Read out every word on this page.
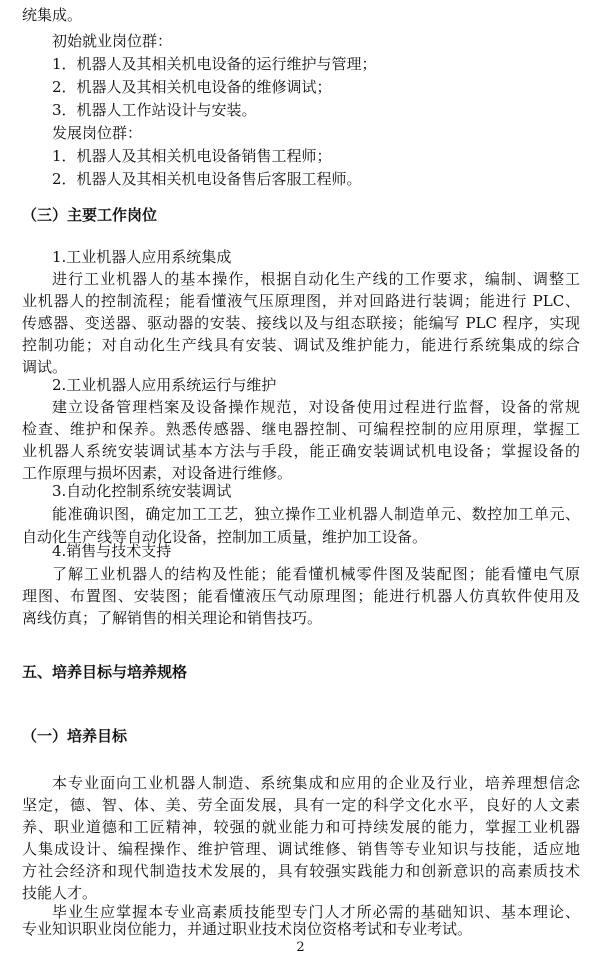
统集成。
初始就业岗位群：
1．机器人及其相关机电设备的运行维护与管理；
2．机器人及其相关机电设备的维修调试；
3．机器人工作站设计与安装。
发展岗位群：
1．机器人及其相关机电设备销售工程师；
2．机器人及其相关机电设备售后客服工程师。
（三）主要工作岗位
1.工业机器人应用系统集成
进行工业机器人的基本操作，根据自动化生产线的工作要求，编制、调整工
业机器人的控制流程；能看懂液气压原理图，并对回路进行装调；能进行 PLC、
传感器、变送器、驱动器的安装、接线以及与组态联接；能编写 PLC 程序，实现
控制功能；对自动化生产线具有安装、调试及维护能力，能进行系统集成的综合
调试。
2.工业机器人应用系统运行与维护
建立设备管理档案及设备操作规范，对设备使用过程进行监督，设备的常规
检查、维护和保养。熟悉传感器、继电器控制、可编程控制的应用原理，掌握工
业机器人系统安装调试基本方法与手段，能正确安装调试机电设备；掌握设备的
工作原理与损坏因素，对设备进行维修。
3.自动化控制系统安装调试
能准确识图，确定加工工艺，独立操作工业机器人制造单元、数控加工单元、
自动化生产线等自动化设备，控制加工质量，维护加工设备。
4.销售与技术支持
了解工业机器人的结构及性能；能看懂机械零件图及装配图；能看懂电气原
理图、布置图、安装图；能看懂液压气动原理图；能进行机器人仿真软件使用及
离线仿真；了解销售的相关理论和销售技巧。
五、培养目标与培养规格
（一）培养目标
本专业面向工业机器人制造、系统集成和应用的企业及行业，培养理想信念
坚定，德、智、体、美、劳全面发展，具有一定的科学文化水平，良好的人文素
养、职业道德和工匠精神，较强的就业能力和可持续发展的能力，掌握工业机器
人集成设计、编程操作、维护管理、调试维修、销售等专业知识与技能，适应地
方社会经济和现代制造技术发展的，具有较强实践能力和创新意识的高素质技术
技能人才。
毕业生应掌握本专业高素质技能型专门人才所必需的基础知识、基本理论、
专业知识职业岗位能力，并通过职业技术岗位资格考试和专业考试。
2
